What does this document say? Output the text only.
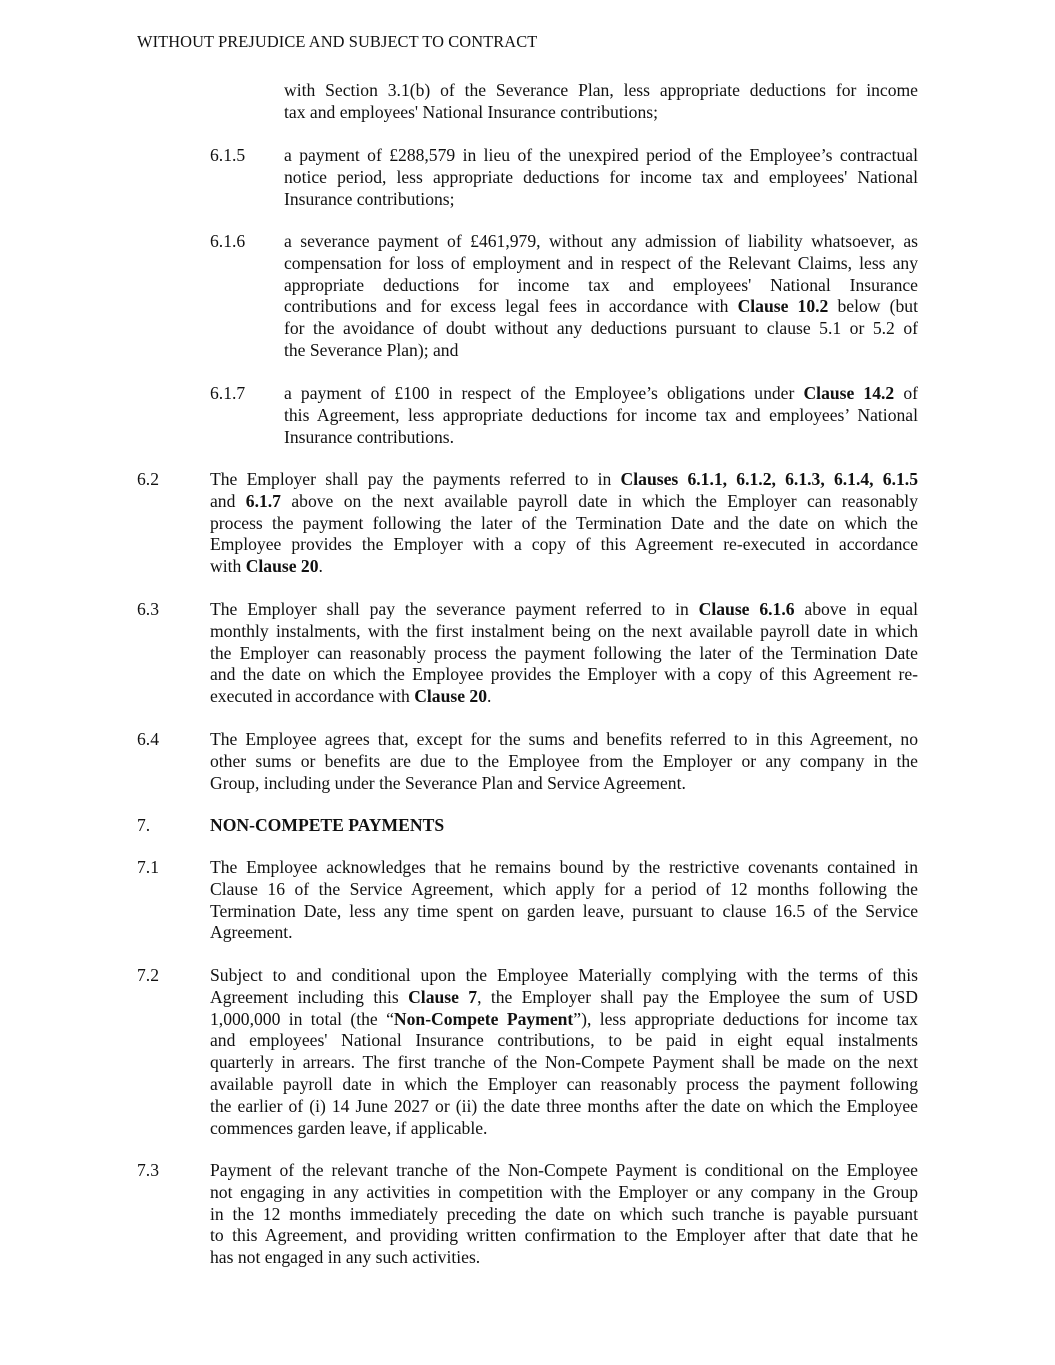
WITHOUT PREJUDICE AND SUBJECT TO CONTRACT
with Section 3.1(b) of the Severance Plan, less appropriate deductions for income
tax and employees' National Insurance contributions;
6.1.5 a payment of £288,579 in lieu of the unexpired period of the Employee’s contractual
notice period, less appropriate deductions for income tax and employees' National
Insurance contributions;
6.1.6 a severance payment of £461,979, without any admission of liability whatsoever, as
compensation for loss of employment and in respect of the Relevant Claims, less any
appropriate deductions for income tax and employees' National Insurance
contributions and for excess legal fees in accordance with Clause 10.2 below (but
for the avoidance of doubt without any deductions pursuant to clause 5.1 or 5.2 of
the Severance Plan); and
6.1.7 a payment of £100 in respect of the Employee’s obligations under Clause 14.2 of
this Agreement, less appropriate deductions for income tax and employees’ National
Insurance contributions.
6.2	The Employer shall pay the payments referred to in Clauses 6.1.1, 6.1.2, 6.1.3, 6.1.4, 6.1.5
and 6.1.7 above on the next available payroll date in which the Employer can reasonably
process the payment following the later of the Termination Date and the date on which the
Employee provides the Employer with a copy of this Agreement re-executed in accordance
with Clause 20.
6.3	The Employer shall pay the severance payment referred to in Clause 6.1.6 above in equal
monthly instalments, with the first instalment being on the next available payroll date in which
the Employer can reasonably process the payment following the later of the Termination Date
and the date on which the Employee provides the Employer with a copy of this Agreement re-
executed in accordance with Clause 20.
6.4	The Employee agrees that, except for the sums and benefits referred to in this Agreement, no
other sums or benefits are due to the Employee from the Employer or any company in the
Group, including under the Severance Plan and Service Agreement.
7.	NON-COMPETE PAYMENTS
7.1	The Employee acknowledges that he remains bound by the restrictive covenants contained in
Clause 16 of the Service Agreement, which apply for a period of 12 months following the
Termination Date, less any time spent on garden leave, pursuant to clause 16.5 of the Service
Agreement.
7.2	Subject to and conditional upon the Employee Materially complying with the terms of this
Agreement including this Clause 7, the Employer shall pay the Employee the sum of USD
1,000,000 in total (the “Non-Compete Payment”), less appropriate deductions for income tax
and employees' National Insurance contributions, to be paid in eight equal instalments
quarterly in arrears. The first tranche of the Non-Compete Payment shall be made on the next
available payroll date in which the Employer can reasonably process the payment following
the earlier of (i) 14 June 2027 or (ii) the date three months after the date on which the Employee
commences garden leave, if applicable.
7.3	Payment of the relevant tranche of the Non-Compete Payment is conditional on the Employee
not engaging in any activities in competition with the Employer or any company in the Group
in the 12 months immediately preceding the date on which such tranche is payable pursuant
to this Agreement, and providing written confirmation to the Employer after that date that he
has not engaged in any such activities.
